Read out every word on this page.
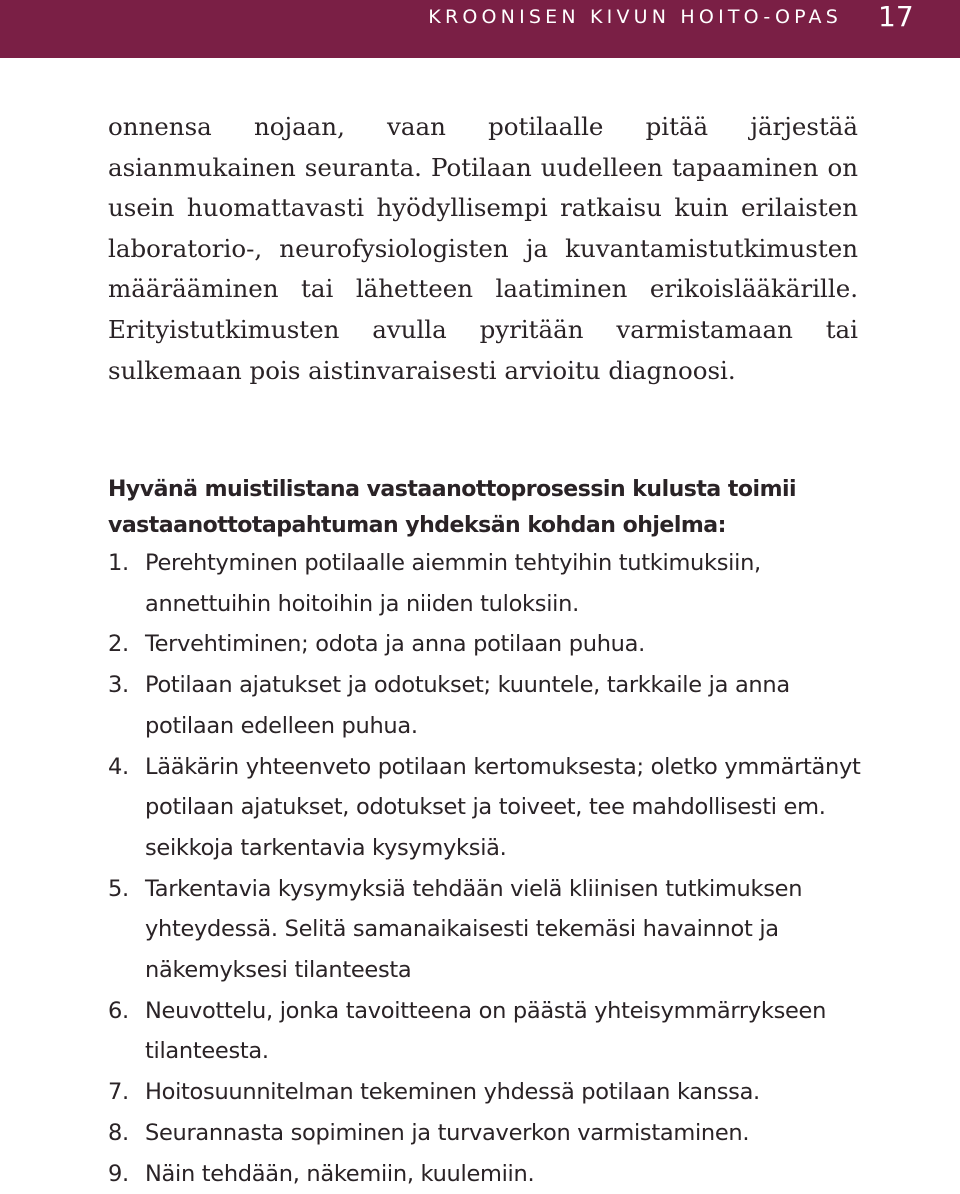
KROONISEN KIVUN HOITO-OPAS 17

onnensa nojaan, vaan potilaalle pitää järjestää asianmukainen seuranta. Potilaan uudelleen tapaaminen on usein huomattavasti hyödyllisempi ratkaisu kuin erilaisten laboratorio-, neurofysiologisten ja kuvantamistutkimusten määrääminen tai lähetteen laatiminen erikoislääkärille. Erityistutkimusten avulla pyritään varmistamaan tai sulkemaan pois aistinvaraisesti arvioitu diagnoosi.

Hyvänä muistilistana vastaanottoprosessin kulusta toimii vastaanottotapahtuman yhdeksän kohdan ohjelma:

1. Perehtyminen potilaalle aiemmin tehtyihin tutkimuksiin, annettuihin hoitoihin ja niiden tuloksiin.
2. Tervehtiminen; odota ja anna potilaan puhua.
3. Potilaan ajatukset ja odotukset; kuuntele, tarkkaile ja anna potilaan edelleen puhua.
4. Lääkärin yhteenveto potilaan kertomuksesta; oletko ymmärtänyt potilaan ajatukset, odotukset ja toiveet, tee mahdollisesti em. seikkoja tarkentavia kysymyksiä.
5. Tarkentavia kysymyksiä tehdään vielä kliinisen tutkimuksen yhteydessä. Selitä samanaikaisesti tekemäsi havainnot ja näkemyksesi tilanteesta
6. Neuvottelu, jonka tavoitteena on päästä yhteisymmärrykseen tilanteesta.
7. Hoitosuunnitelman tekeminen yhdessä potilaan kanssa.
8. Seurannasta sopiminen ja turvaverkon varmistaminen.
9. Näin tehdään, näkemiin, kuulemiin.
